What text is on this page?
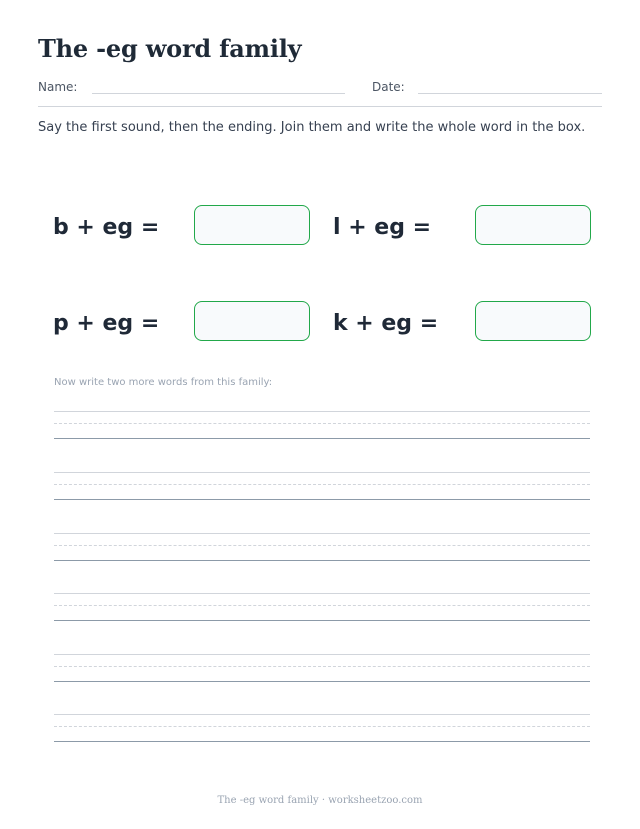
The -eg word family
Name:	Date:
Say the first sound, then the ending. Join them and write the whole word in the box.
b + eg =	l + eg =
p + eg =	k + eg =
Now write two more words from this family:
The -eg word family · worksheetzoo.com
